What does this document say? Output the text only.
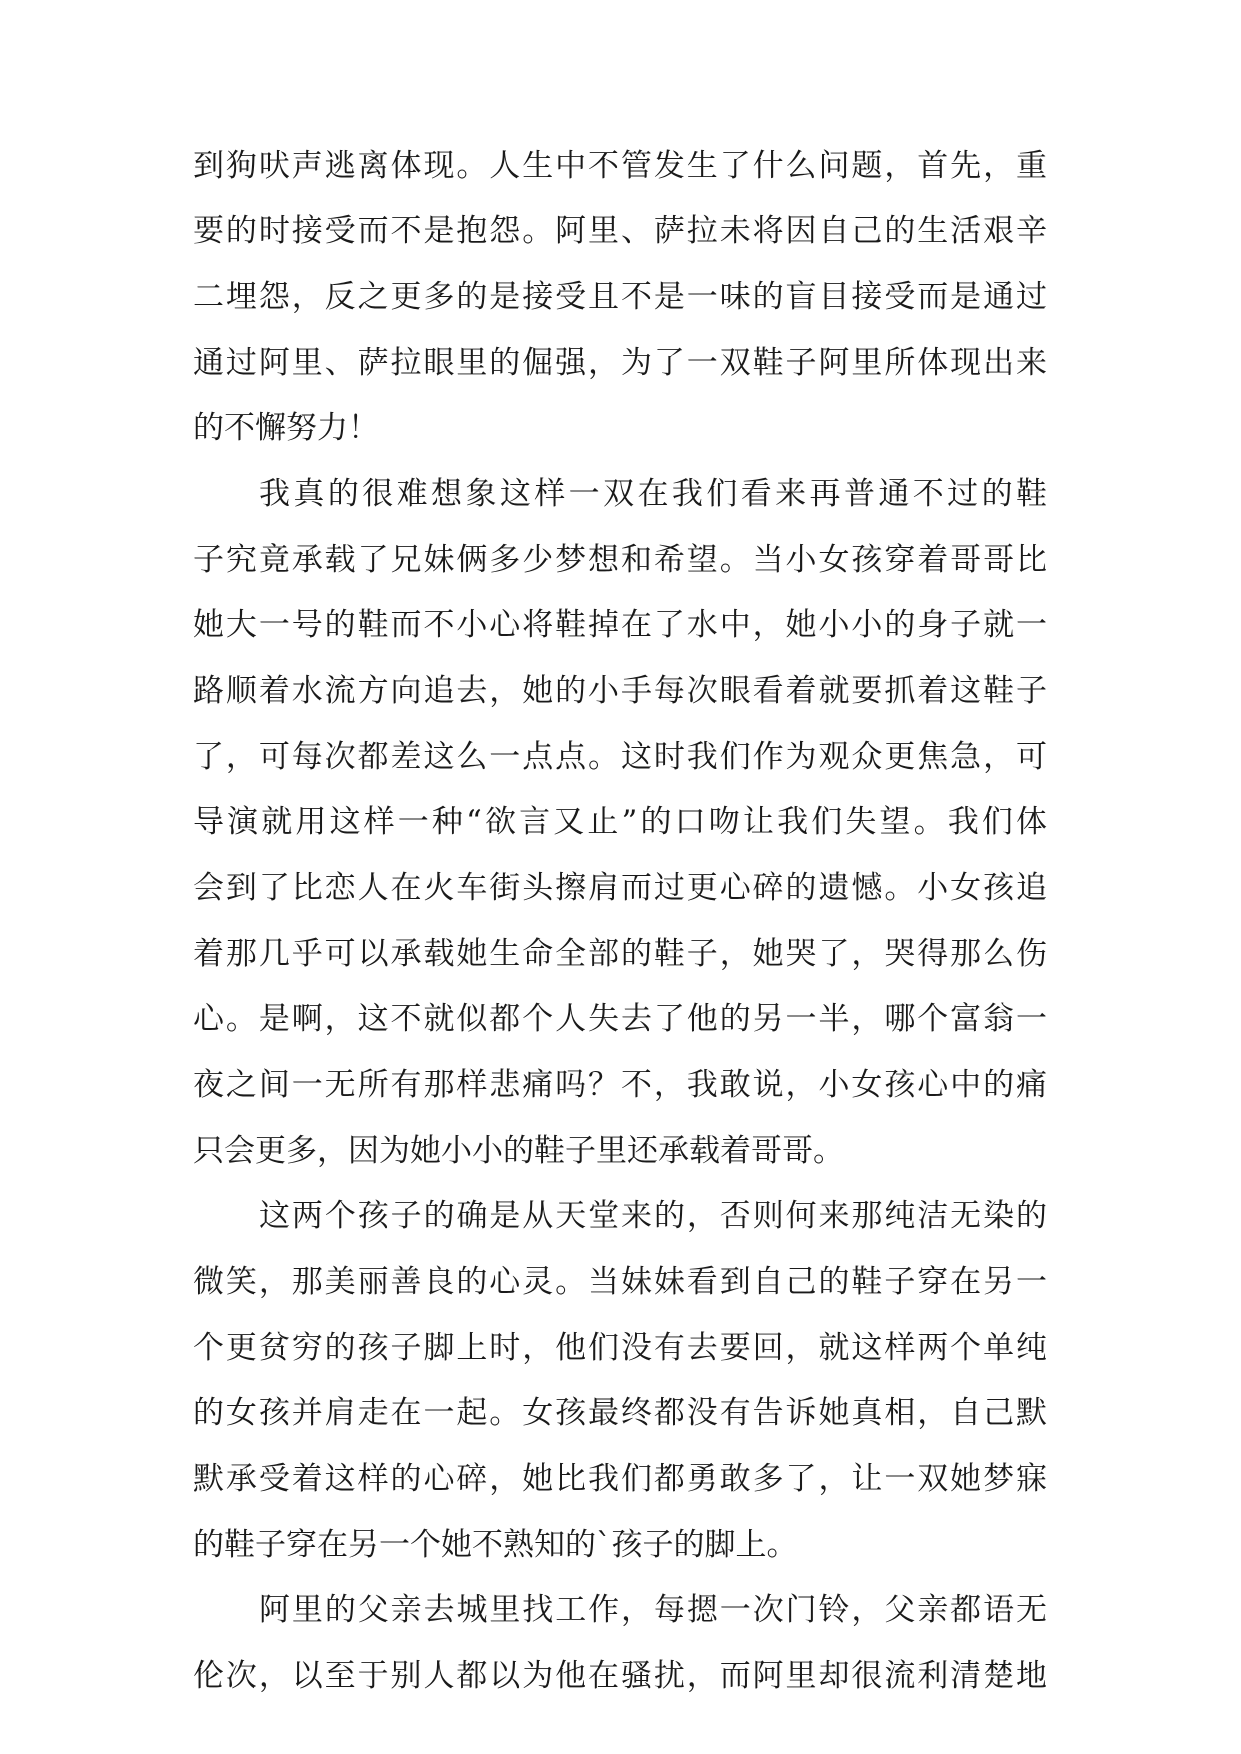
到狗吠声逃离体现。人生中不管发生了什么问题，首先，重
要的时接受而不是抱怨。阿里、萨拉未将因自己的生活艰辛
二埋怨，反之更多的是接受且不是一味的盲目接受而是通过
通过阿里、萨拉眼里的倔强，为了一双鞋子阿里所体现出来
的不懈努力！
我真的很难想象这样一双在我们看来再普通不过的鞋
子究竟承载了兄妹俩多少梦想和希望。当小女孩穿着哥哥比
她大一号的鞋而不小心将鞋掉在了水中，她小小的身子就一
路顺着水流方向追去，她的小手每次眼看着就要抓着这鞋子
了，可每次都差这么一点点。这时我们作为观众更焦急，可
导演就用这样一种“欲言又止”的口吻让我们失望。我们体
会到了比恋人在火车街头擦肩而过更心碎的遗憾。小女孩追
着那几乎可以承载她生命全部的鞋子，她哭了，哭得那么伤
心。是啊，这不就似都个人失去了他的另一半，哪个富翁一
夜之间一无所有那样悲痛吗？不，我敢说，小女孩心中的痛
只会更多，因为她小小的鞋子里还承载着哥哥。
这两个孩子的确是从天堂来的，否则何来那纯洁无染的
微笑，那美丽善良的心灵。当妹妹看到自己的鞋子穿在另一
个更贫穷的孩子脚上时，他们没有去要回，就这样两个单纯
的女孩并肩走在一起。女孩最终都没有告诉她真相，自己默
默承受着这样的心碎，她比我们都勇敢多了，让一双她梦寐
的鞋子穿在另一个她不熟知的`孩子的脚上。
阿里的父亲去城里找工作，每摁一次门铃，父亲都语无
伦次，以至于别人都以为他在骚扰，而阿里却很流利清楚地
